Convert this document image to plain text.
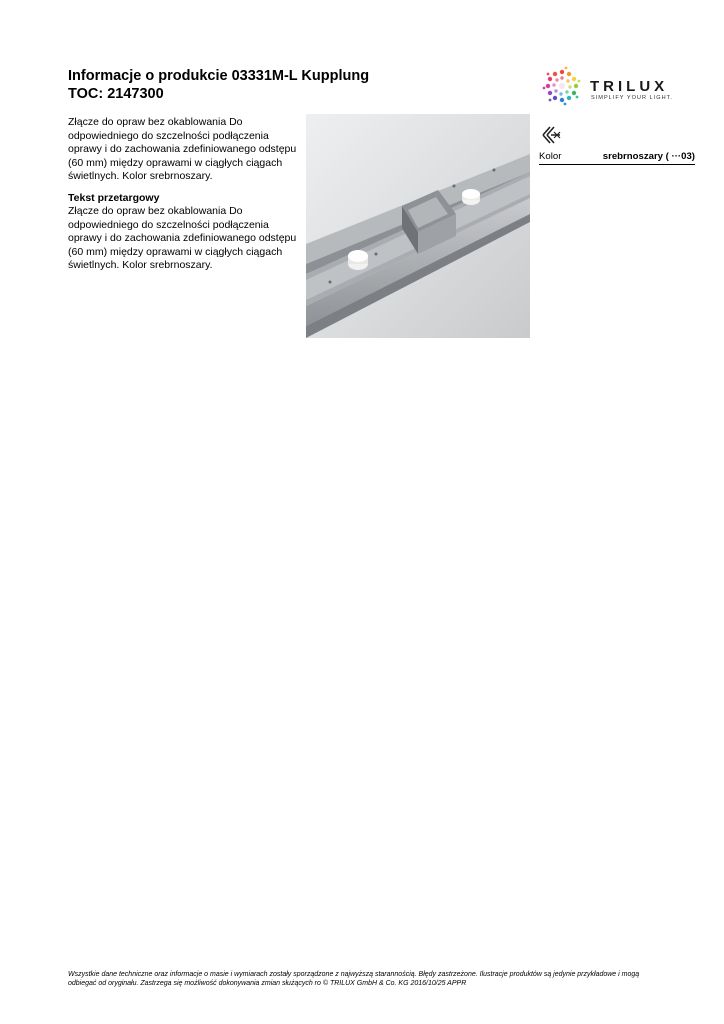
Informacje o produkcie 03331M-L Kupplung
TOC: 2147300	TRILUX
SIMPLIFY YOUR LIGHT.

Złącze do opraw bez okablowania Do odpowiedniego do szczelności podłączenia oprawy i do zachowania zdefiniowanego odstępu (60 mm) między oprawami w ciągłych ciągach świetlnych. Kolor srebrnoszary.

Tekst przetargowy
Złącze do opraw bez okablowania Do odpowiedniego do szczelności podłączenia oprawy i do zachowania zdefiniowanego odstępu (60 mm) między oprawami w ciągłych ciągach świetlnych. Kolor srebrnoszary.
Kolor	srebrnoszary ( ···03)
Wszystkie dane techniczne oraz informacje o masie i wymiarach zostały sporządzone z najwyższą starannością. Błędy zastrzeżone. Ilustracje produktów są jedynie przykładowe i mogą odbiegać od oryginału. Zastrzega się możliwość dokonywania zmian służących ro © TRILUX GmbH & Co. KG 2016/10/25 APPR
